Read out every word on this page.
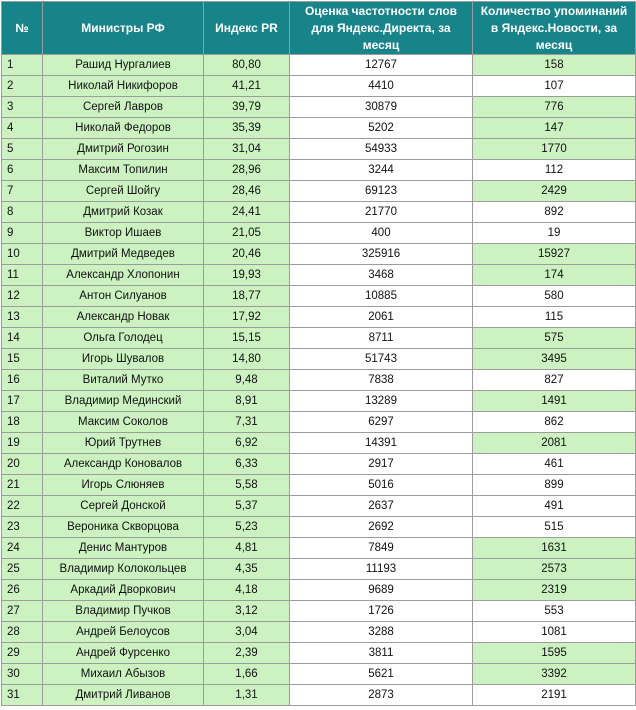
№	Министры РФ	Индекс PR	Оценка частотности слов для Яндекс.Директа, за месяц	Количество упоминаний в Яндекс.Новости, за месяц
1	Рашид Нургалиев	80,80	12767	158
2	Николай Никифоров	41,21	4410	107
3	Сергей Лавров	39,79	30879	776
4	Николай Федоров	35,39	5202	147
5	Дмитрий Рогозин	31,04	54933	1770
6	Максим Топилин	28,96	3244	112
7	Сергей Шойгу	28,46	69123	2429
8	Дмитрий Козак	24,41	21770	892
9	Виктор Ишаев	21,05	400	19
10	Дмитрий Медведев	20,46	325916	15927
11	Александр Хлопонин	19,93	3468	174
12	Антон Силуанов	18,77	10885	580
13	Александр Новак	17,92	2061	115
14	Ольга Голодец	15,15	8711	575
15	Игорь Шувалов	14,80	51743	3495
16	Виталий Мутко	9,48	7838	827
17	Владимир Мединский	8,91	13289	1491
18	Максим Соколов	7,31	6297	862
19	Юрий Трутнев	6,92	14391	2081
20	Александр Коновалов	6,33	2917	461
21	Игорь Слюняев	5,58	5016	899
22	Сергей Донской	5,37	2637	491
23	Вероника Скворцова	5,23	2692	515
24	Денис Мантуров	4,81	7849	1631
25	Владимир Колокольцев	4,35	11193	2573
26	Аркадий Дворкович	4,18	9689	2319
27	Владимир Пучков	3,12	1726	553
28	Андрей Белоусов	3,04	3288	1081
29	Андрей Фурсенко	2,39	3811	1595
30	Михаил Абызов	1,66	5621	3392
31	Дмитрий Ливанов	1,31	2873	2191
